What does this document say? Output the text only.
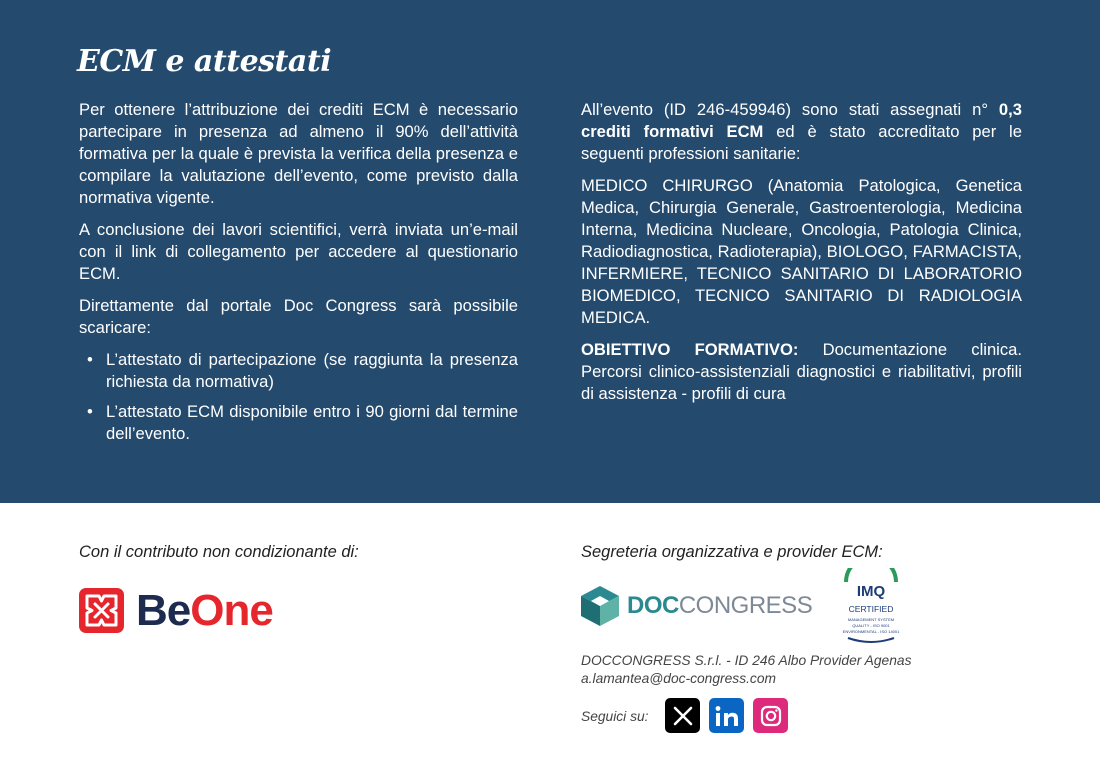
ECM e attestati

Per ottenere l’attribuzione dei crediti ECM è necessario partecipare in presenza ad almeno il 90% dell’attività formativa per la quale è prevista la verifica della presenza e compilare la valutazione dell’evento, come previsto dalla normativa vigente.

A conclusione dei lavori scientifici, verrà inviata un’e-mail con il link di collegamento per accedere al questionario ECM.

Direttamente dal portale Doc Congress sarà possibile scaricare:

• L’attestato di partecipazione (se raggiunta la presenza richiesta da normativa)
• L’attestato ECM disponibile entro i 90 giorni dal termine dell’evento.

All’evento (ID 246-459946) sono stati assegnati n° 0,3 crediti formativi ECM ed è stato accreditato per le seguenti professioni sanitarie:

MEDICO CHIRURGO (Anatomia Patologica, Genetica Medica, Chirurgia Generale, Gastroenterologia, Medicina Interna, Medicina Nucleare, Oncologia, Patologia Clinica, Radiodiagnostica, Radioterapia), BIOLOGO, FARMACISTA, INFERMIERE, TECNICO SANITARIO DI LABORATORIO BIOMEDICO, TECNICO SANITARIO DI RADIOLOGIA MEDICA.

OBIETTIVO FORMATIVO: Documentazione clinica. Percorsi clinico-assistenziali diagnostici e riabilitativi, profili di assistenza - profili di cura

Con il contributo non condizionante di:
BeOne
Segreteria organizzativa e provider ECM:
DOCCONGRESS
IMQ
CERTIFIED
MANAGEMENT SYSTEM
QUALITY - ISO 9001
ENVIRONMENTAL - ISO 14001
DOCCONGRESS S.r.l. - ID 246 Albo Provider Agenas
a.lamantea@doc-congress.com
Seguici su:
